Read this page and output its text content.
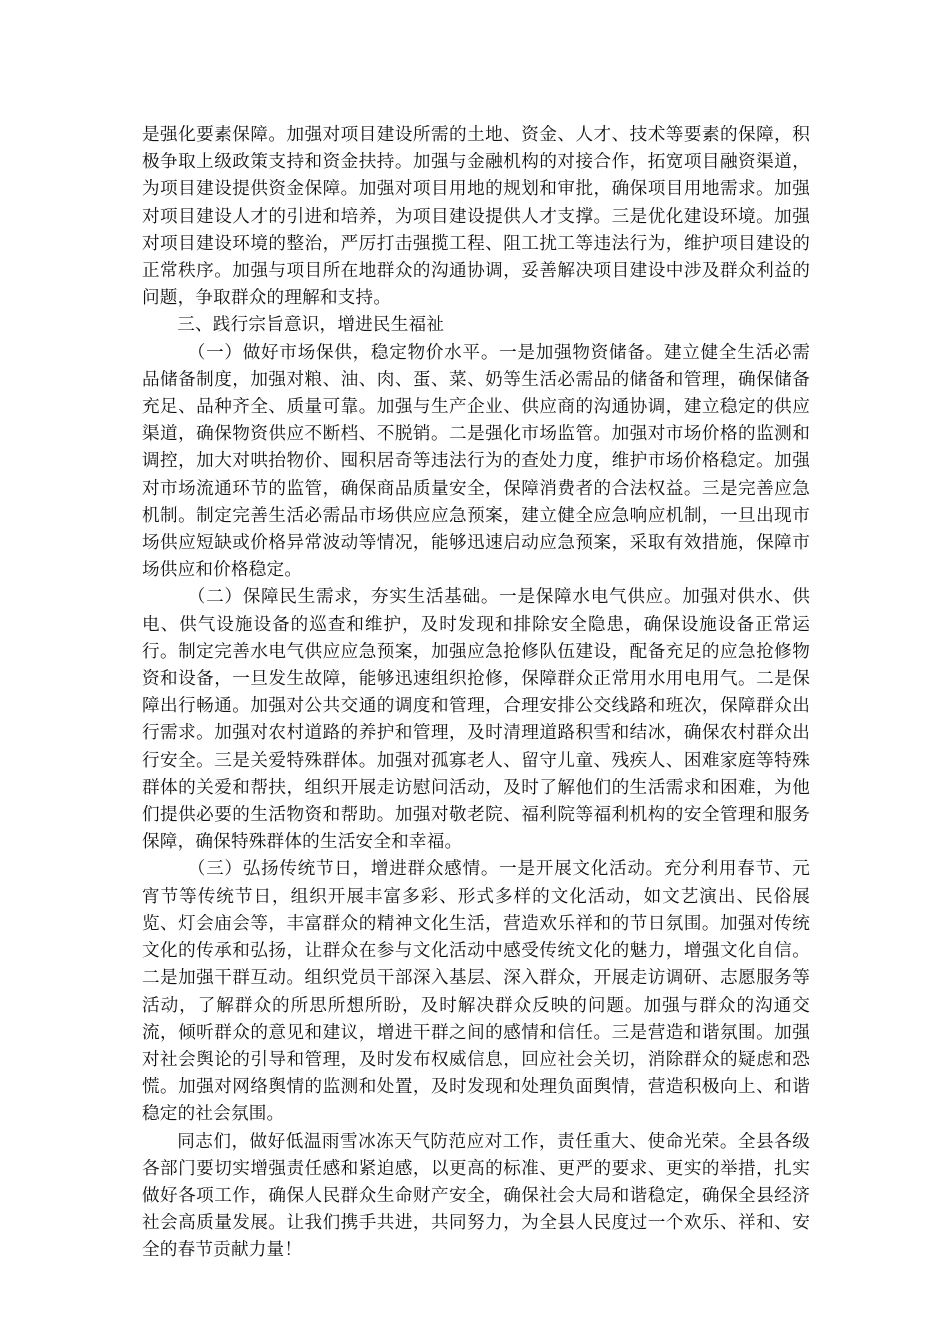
是强化要素保障。加强对项目建设所需的土地、资金、人才、技术等要素的保障，积极争取上级政策支持和资金扶持。加强与金融机构的对接合作，拓宽项目融资渠道，为项目建设提供资金保障。加强对项目用地的规划和审批，确保项目用地需求。加强对项目建设人才的引进和培养，为项目建设提供人才支撑。三是优化建设环境。加强对项目建设环境的整治，严厉打击强揽工程、阻工扰工等违法行为，维护项目建设的正常秩序。加强与项目所在地群众的沟通协调，妥善解决项目建设中涉及群众利益的问题，争取群众的理解和支持。

三、践行宗旨意识，增进民生福祉

（一）做好市场保供，稳定物价水平。一是加强物资储备。建立健全生活必需品储备制度，加强对粮、油、肉、蛋、菜、奶等生活必需品的储备和管理，确保储备充足、品种齐全、质量可靠。加强与生产企业、供应商的沟通协调，建立稳定的供应渠道，确保物资供应不断档、不脱销。二是强化市场监管。加强对市场价格的监测和调控，加大对哄抬物价、囤积居奇等违法行为的查处力度，维护市场价格稳定。加强对市场流通环节的监管，确保商品质量安全，保障消费者的合法权益。三是完善应急机制。制定完善生活必需品市场供应应急预案，建立健全应急响应机制，一旦出现市场供应短缺或价格异常波动等情况，能够迅速启动应急预案，采取有效措施，保障市场供应和价格稳定。

（二）保障民生需求，夯实生活基础。一是保障水电气供应。加强对供水、供电、供气设施设备的巡查和维护，及时发现和排除安全隐患，确保设施设备正常运行。制定完善水电气供应应急预案，加强应急抢修队伍建设，配备充足的应急抢修物资和设备，一旦发生故障，能够迅速组织抢修，保障群众正常用水用电用气。二是保障出行畅通。加强对公共交通的调度和管理，合理安排公交线路和班次，保障群众出行需求。加强对农村道路的养护和管理，及时清理道路积雪和结冰，确保农村群众出行安全。三是关爱特殊群体。加强对孤寡老人、留守儿童、残疾人、困难家庭等特殊群体的关爱和帮扶，组织开展走访慰问活动，及时了解他们的生活需求和困难，为他们提供必要的生活物资和帮助。加强对敬老院、福利院等福利机构的安全管理和服务保障，确保特殊群体的生活安全和幸福。

（三）弘扬传统节日，增进群众感情。一是开展文化活动。充分利用春节、元宵节等传统节日，组织开展丰富多彩、形式多样的文化活动，如文艺演出、民俗展览、灯会庙会等，丰富群众的精神文化生活，营造欢乐祥和的节日氛围。加强对传统文化的传承和弘扬，让群众在参与文化活动中感受传统文化的魅力，增强文化自信。二是加强干群互动。组织党员干部深入基层、深入群众，开展走访调研、志愿服务等活动，了解群众的所思所想所盼，及时解决群众反映的问题。加强与群众的沟通交流，倾听群众的意见和建议，增进干群之间的感情和信任。三是营造和谐氛围。加强对社会舆论的引导和管理，及时发布权威信息，回应社会关切，消除群众的疑虑和恐慌。加强对网络舆情的监测和处置，及时发现和处理负面舆情，营造积极向上、和谐稳定的社会氛围。

同志们，做好低温雨雪冰冻天气防范应对工作，责任重大、使命光荣。全县各级各部门要切实增强责任感和紧迫感，以更高的标准、更严的要求、更实的举措，扎实做好各项工作，确保人民群众生命财产安全，确保社会大局和谐稳定，确保全县经济社会高质量发展。让我们携手共进，共同努力，为全县人民度过一个欢乐、祥和、安全的春节贡献力量！
